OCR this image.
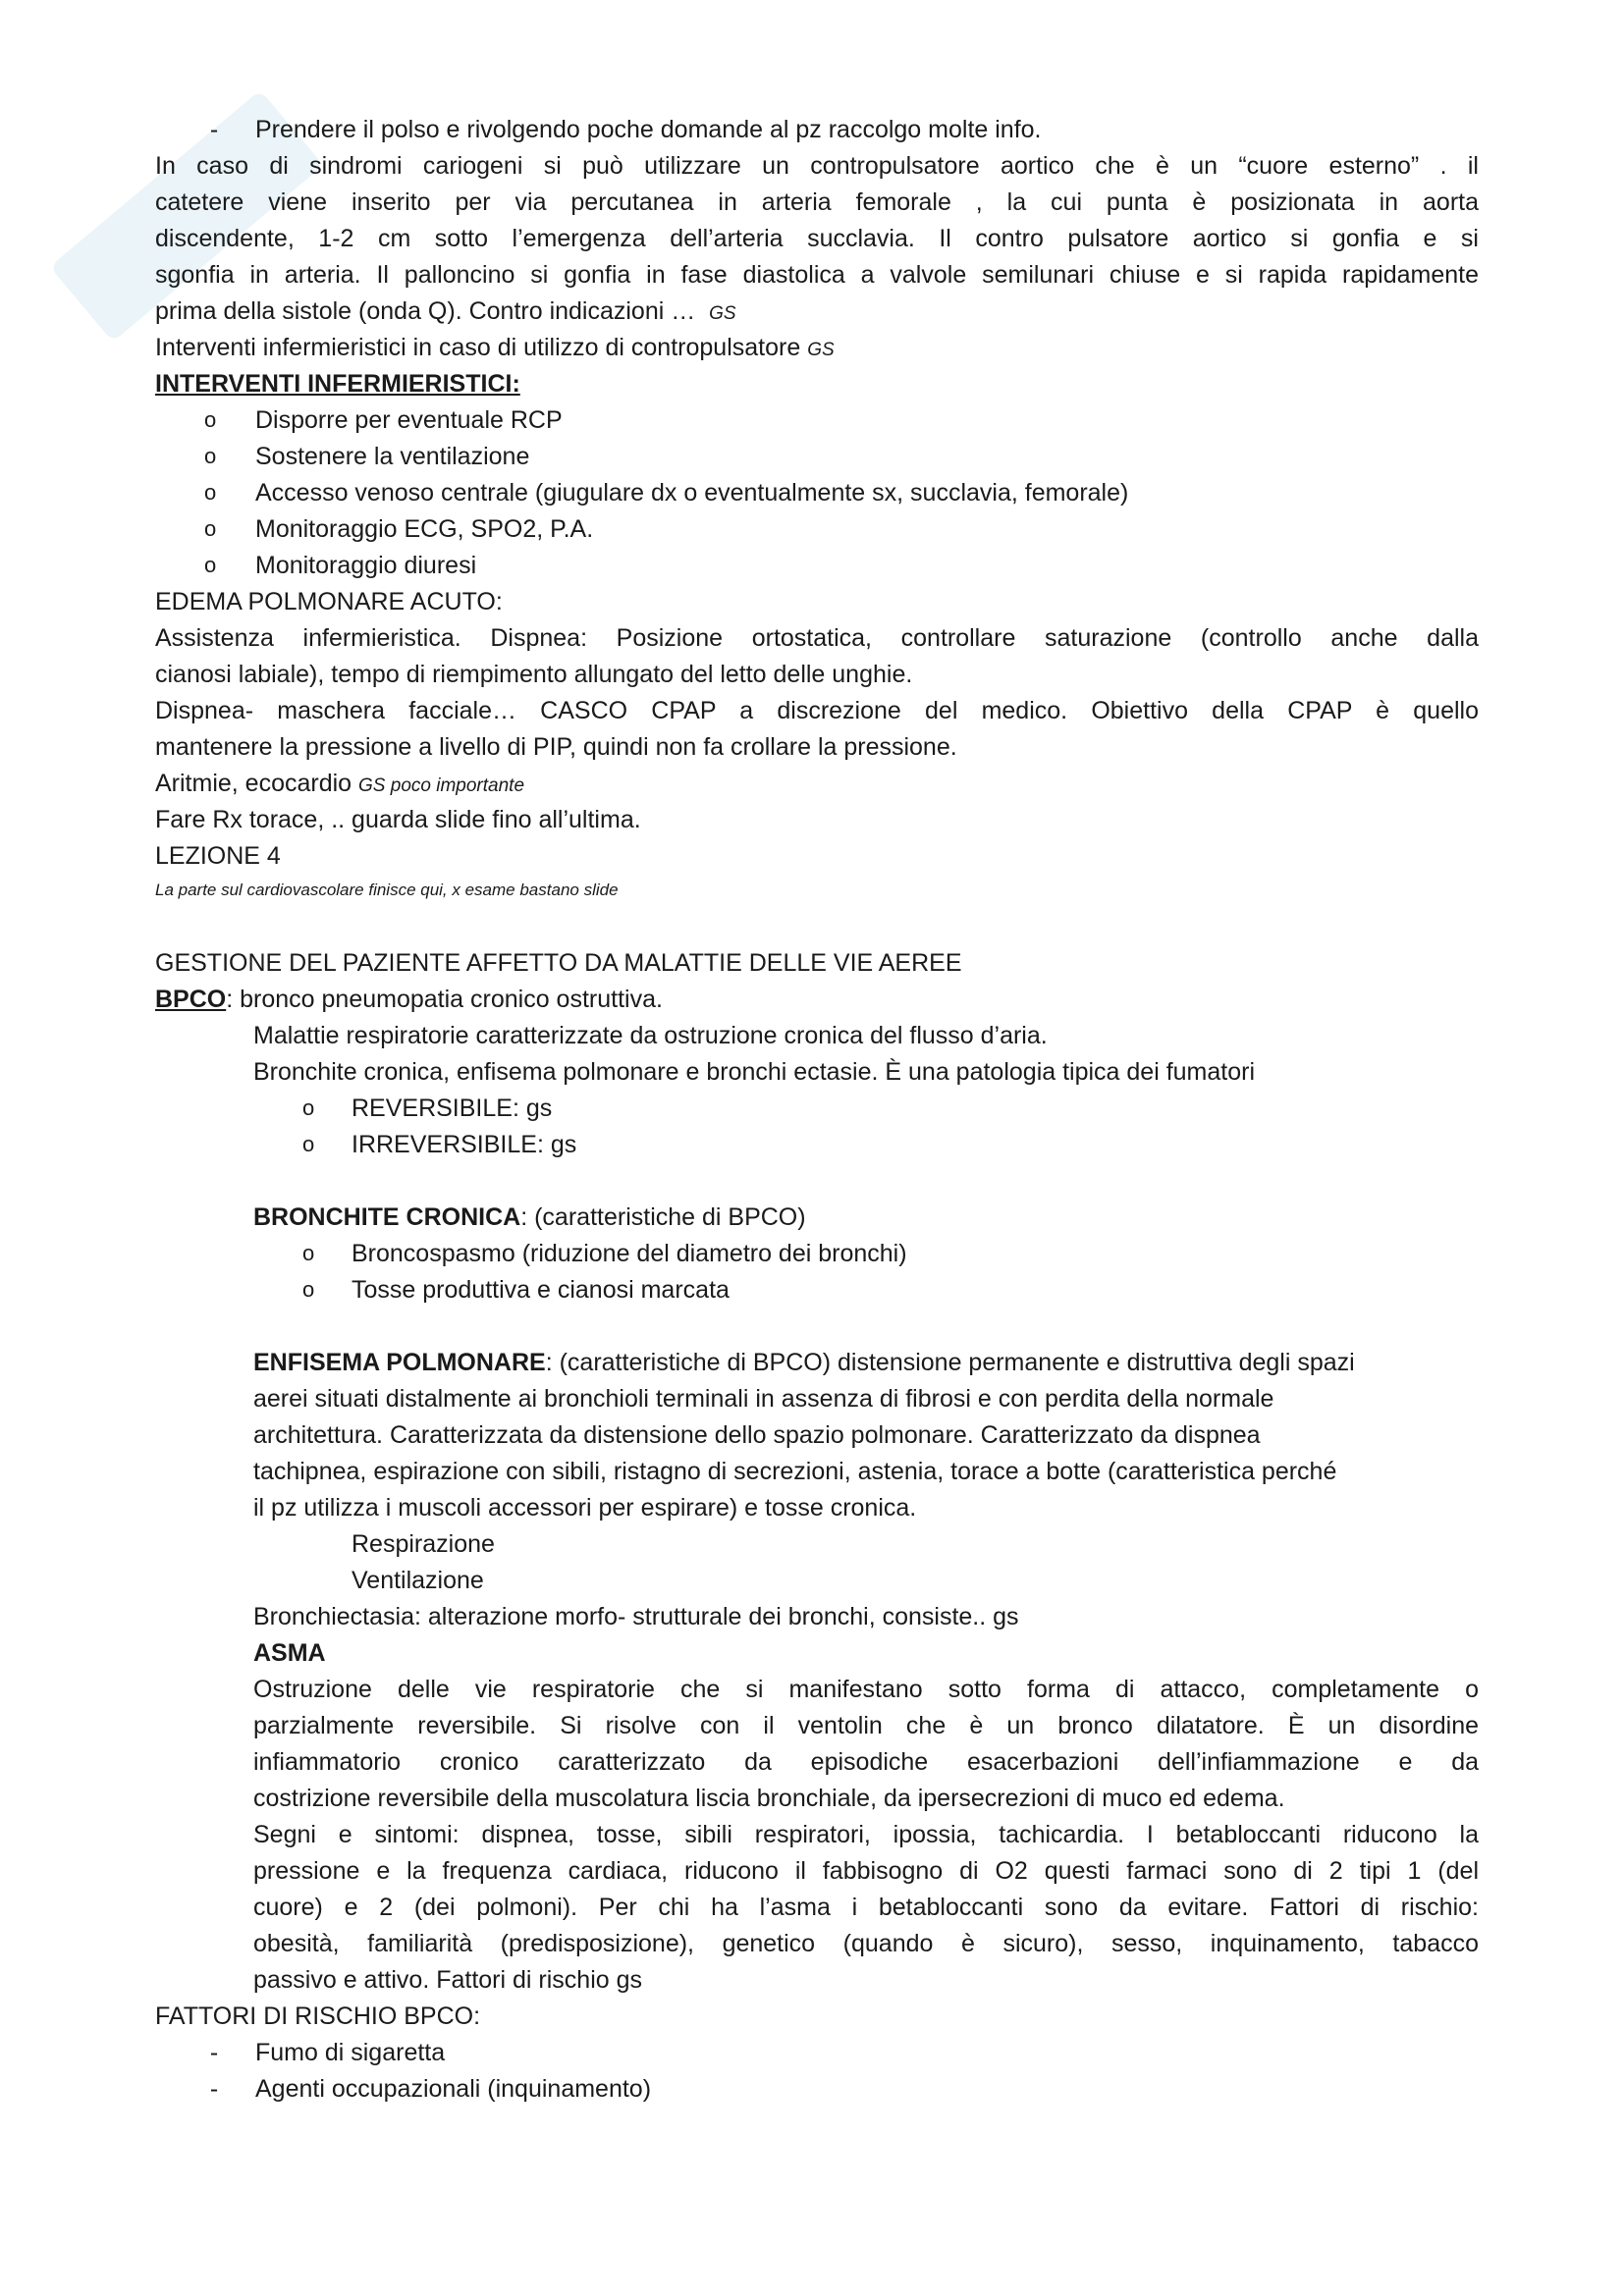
- Prendere il polso e rivolgendo poche domande al pz raccolgo molte info.
In caso di sindromi cariogeni si può utilizzare un contropulsatore aortico che è un “cuore esterno” . il
catetere viene inserito per via percutanea in arteria femorale , la cui punta è posizionata in aorta
discendente, 1-2 cm sotto l’emergenza dell’arteria succlavia. Il contro pulsatore aortico si gonfia e si
sgonfia in arteria. Il palloncino si gonfia in fase diastolica a valvole semilunari chiuse e si rapida rapidamente
prima della sistole (onda Q). Contro indicazioni … GS
Interventi infermieristici in caso di utilizzo di contropulsatore GS
INTERVENTI INFERMIERISTICI:
o Disporre per eventuale RCP
o Sostenere la ventilazione
o Accesso venoso centrale (giugulare dx o eventualmente sx, succlavia, femorale)
o Monitoraggio ECG, SPO2, P.A.
o Monitoraggio diuresi
EDEMA POLMONARE ACUTO:
Assistenza infermieristica. Dispnea: Posizione ortostatica, controllare saturazione (controllo anche dalla
cianosi labiale), tempo di riempimento allungato del letto delle unghie.
Dispnea- maschera facciale… CASCO CPAP a discrezione del medico. Obiettivo della CPAP è quello
mantenere la pressione a livello di PIP, quindi non fa crollare la pressione.
Aritmie, ecocardio GS poco importante
Fare Rx torace, .. guarda slide fino all’ultima.
LEZIONE 4
La parte sul cardiovascolare finisce qui, x esame bastano slide
GESTIONE DEL PAZIENTE AFFETTO DA MALATTIE DELLE VIE AEREE
BPCO: bronco pneumopatia cronico ostruttiva.
Malattie respiratorie caratterizzate da ostruzione cronica del flusso d’aria.
Bronchite cronica, enfisema polmonare e bronchi ectasie. È una patologia tipica dei fumatori
o REVERSIBILE: gs
o IRREVERSIBILE: gs
BRONCHITE CRONICA: (caratteristiche di BPCO)
o Broncospasmo (riduzione del diametro dei bronchi)
o Tosse produttiva e cianosi marcata
ENFISEMA POLMONARE: (caratteristiche di BPCO) distensione permanente e distruttiva degli spazi
aerei situati distalmente ai bronchioli terminali in assenza di fibrosi e con perdita della normale
architettura. Caratterizzata da distensione dello spazio polmonare. Caratterizzato da dispnea
tachipnea, espirazione con sibili, ristagno di secrezioni, astenia, torace a botte (caratteristica perché
il pz utilizza i muscoli accessori per espirare) e tosse cronica.
Respirazione
Ventilazione
Bronchiectasia: alterazione morfo- strutturale dei bronchi, consiste.. gs
ASMA
Ostruzione delle vie respiratorie che si manifestano sotto forma di attacco, completamente o
parzialmente reversibile. Si risolve con il ventolin che è un bronco dilatatore. È un disordine
infiammatorio cronico caratterizzato da episodiche esacerbazioni dell’infiammazione e da
costrizione reversibile della muscolatura liscia bronchiale, da ipersecrezioni di muco ed edema.
Segni e sintomi: dispnea, tosse, sibili respiratori, ipossia, tachicardia. I betabloccanti riducono la
pressione e la frequenza cardiaca, riducono il fabbisogno di O2 questi farmaci sono di 2 tipi 1 (del
cuore) e 2 (dei polmoni). Per chi ha l’asma i betabloccanti sono da evitare. Fattori di rischio:
obesità, familiarità (predisposizione), genetico (quando è sicuro), sesso, inquinamento, tabacco
passivo e attivo. Fattori di rischio gs
FATTORI DI RISCHIO BPCO:
- Fumo di sigaretta
- Agenti occupazionali (inquinamento)
